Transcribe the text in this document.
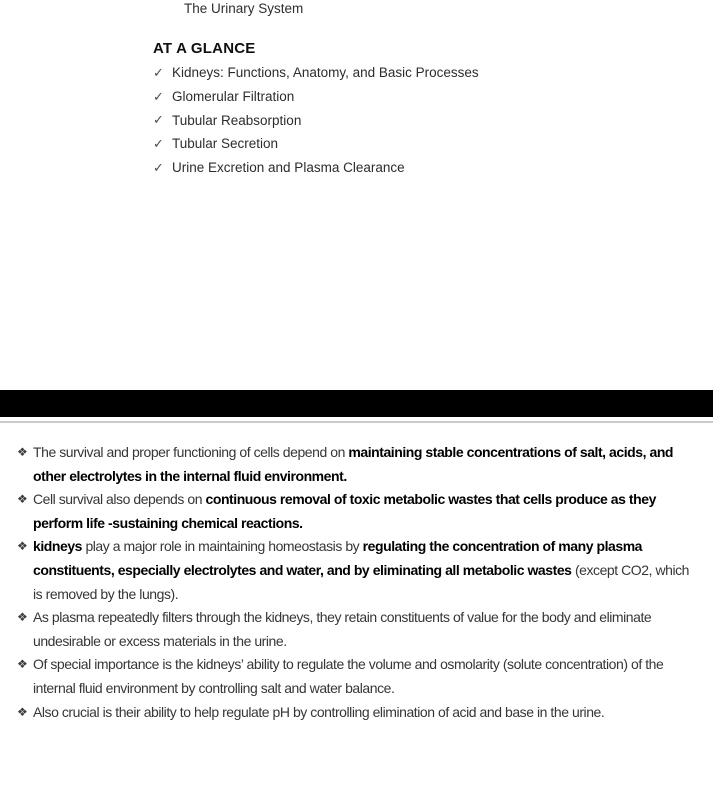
The Urinary System
AT A GLANCE
✓ Kidneys: Functions, Anatomy, and Basic Processes
✓ Glomerular Filtration
✓ Tubular Reabsorption
✓ Tubular Secretion
✓ Urine Excretion and Plasma Clearance
❖ The survival and proper functioning of cells depend on maintaining stable concentrations of salt, acids, and other electrolytes in the internal fluid environment.
❖ Cell survival also depends on continuous removal of toxic metabolic wastes that cells produce as they perform life -sustaining chemical reactions.
❖ kidneys play a major role in maintaining homeostasis by regulating the concentration of many plasma constituents, especially electrolytes and water, and by eliminating all metabolic wastes (except CO2, which is removed by the lungs).
❖ As plasma repeatedly filters through the kidneys, they retain constituents of value for the body and eliminate undesirable or excess materials in the urine.
❖ Of special importance is the kidneys’ ability to regulate the volume and osmolarity (solute concentration) of the internal fluid environment by controlling salt and water balance.
❖ Also crucial is their ability to help regulate pH by controlling elimination of acid and base in the urine.
